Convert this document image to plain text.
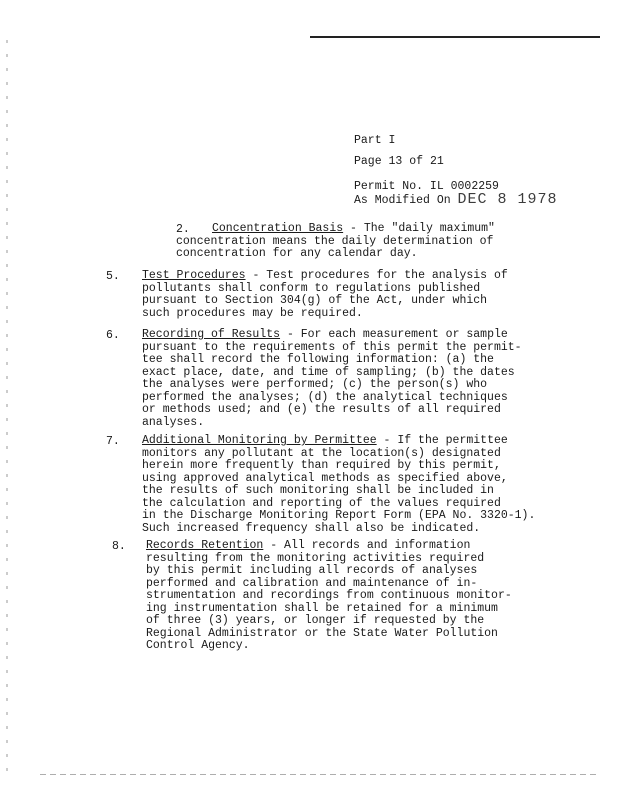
Part I
Page 13 of 21
Permit No. IL 0002259
As Modified On DEC 8 1978
2. Concentration Basis - The "daily maximum"
concentration means the daily determination of
concentration for any calendar day.
5. Test Procedures - Test procedures for the analysis of
pollutants shall conform to regulations published
pursuant to Section 304(g) of the Act, under which
such procedures may be required.
6. Recording of Results - For each measurement or sample
pursuant to the requirements of this permit the permit-
tee shall record the following information: (a) the
exact place, date, and time of sampling; (b) the dates
the analyses were performed; (c) the person(s) who
performed the analyses; (d) the analytical techniques
or methods used; and (e) the results of all required
analyses.
7. Additional Monitoring by Permittee - If the permittee
monitors any pollutant at the location(s) designated
herein more frequently than required by this permit,
using approved analytical methods as specified above,
the results of such monitoring shall be included in
the calculation and reporting of the values required
in the Discharge Monitoring Report Form (EPA No. 3320-1).
Such increased frequency shall also be indicated.
8. Records Retention - All records and information
resulting from the monitoring activities required
by this permit including all records of analyses
performed and calibration and maintenance of in-
strumentation and recordings from continuous monitor-
ing instrumentation shall be retained for a minimum
of three (3) years, or longer if requested by the
Regional Administrator or the State Water Pollution
Control Agency.
